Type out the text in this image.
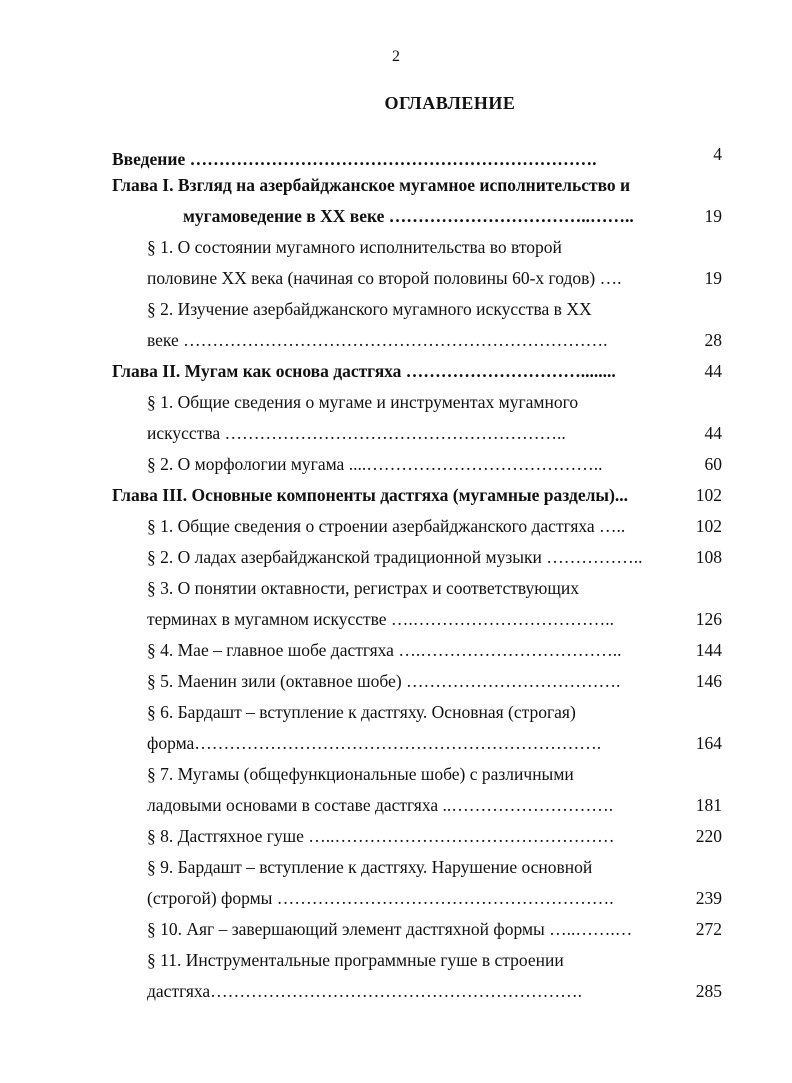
2
ОГЛАВЛЕНИЕ
Введение …………………………………………………………….	4
Глава I. Взгляд на азербайджанское мугамное исполнительство и
мугамоведение в XX веке ……………………………..……..	19
§ 1. О состоянии мугамного исполнительства во второй
половине XX века (начиная со второй половины 60-х годов) ….	19
§ 2. Изучение азербайджанского мугамного искусства в XX
веке ……………………………………………………………….	28
Глава II. Мугам как основа дастгяха …………………………........	44
§ 1. Общие сведения о мугаме и инструментах мугамного
искусства …………………………………………………..	44
§ 2. О морфологии мугама ....…………………………………..	60
Глава III. Основные компоненты дастгяха (мугамные разделы)...	102
§ 1. Общие сведения о строении азербайджанского дастгяха …..	102
§ 2. О ладах азербайджанской традиционной музыки ……………..	108
§ 3. О понятии октавности, регистрах и соответствующих
терминах в мугамном искусстве ….……………………………..	126
§ 4. Мае – главное шобе дастгяха ….……………………………..	144
§ 5. Маенин зили (октавное шобе) ……………………………….	146
§ 6. Бардашт – вступление к дастгяху. Основная (строгая)
форма…………………………………………………………….	164
§ 7. Мугамы (общефункциональные шобе) с различными
ладовыми основами в составе дастгяха ..……………………….	181
§ 8. Дастгяхное гуше …..…………………………………………	220
§ 9. Бардашт – вступление к дастгяху. Нарушение основной
(строгой) формы ………………………………………………….	239
§ 10. Аяг – завершающий элемент дастгяхной формы …..…….…	272
§ 11. Инструментальные программные гуше в строении
дастгяха……………………………………………………….	285
